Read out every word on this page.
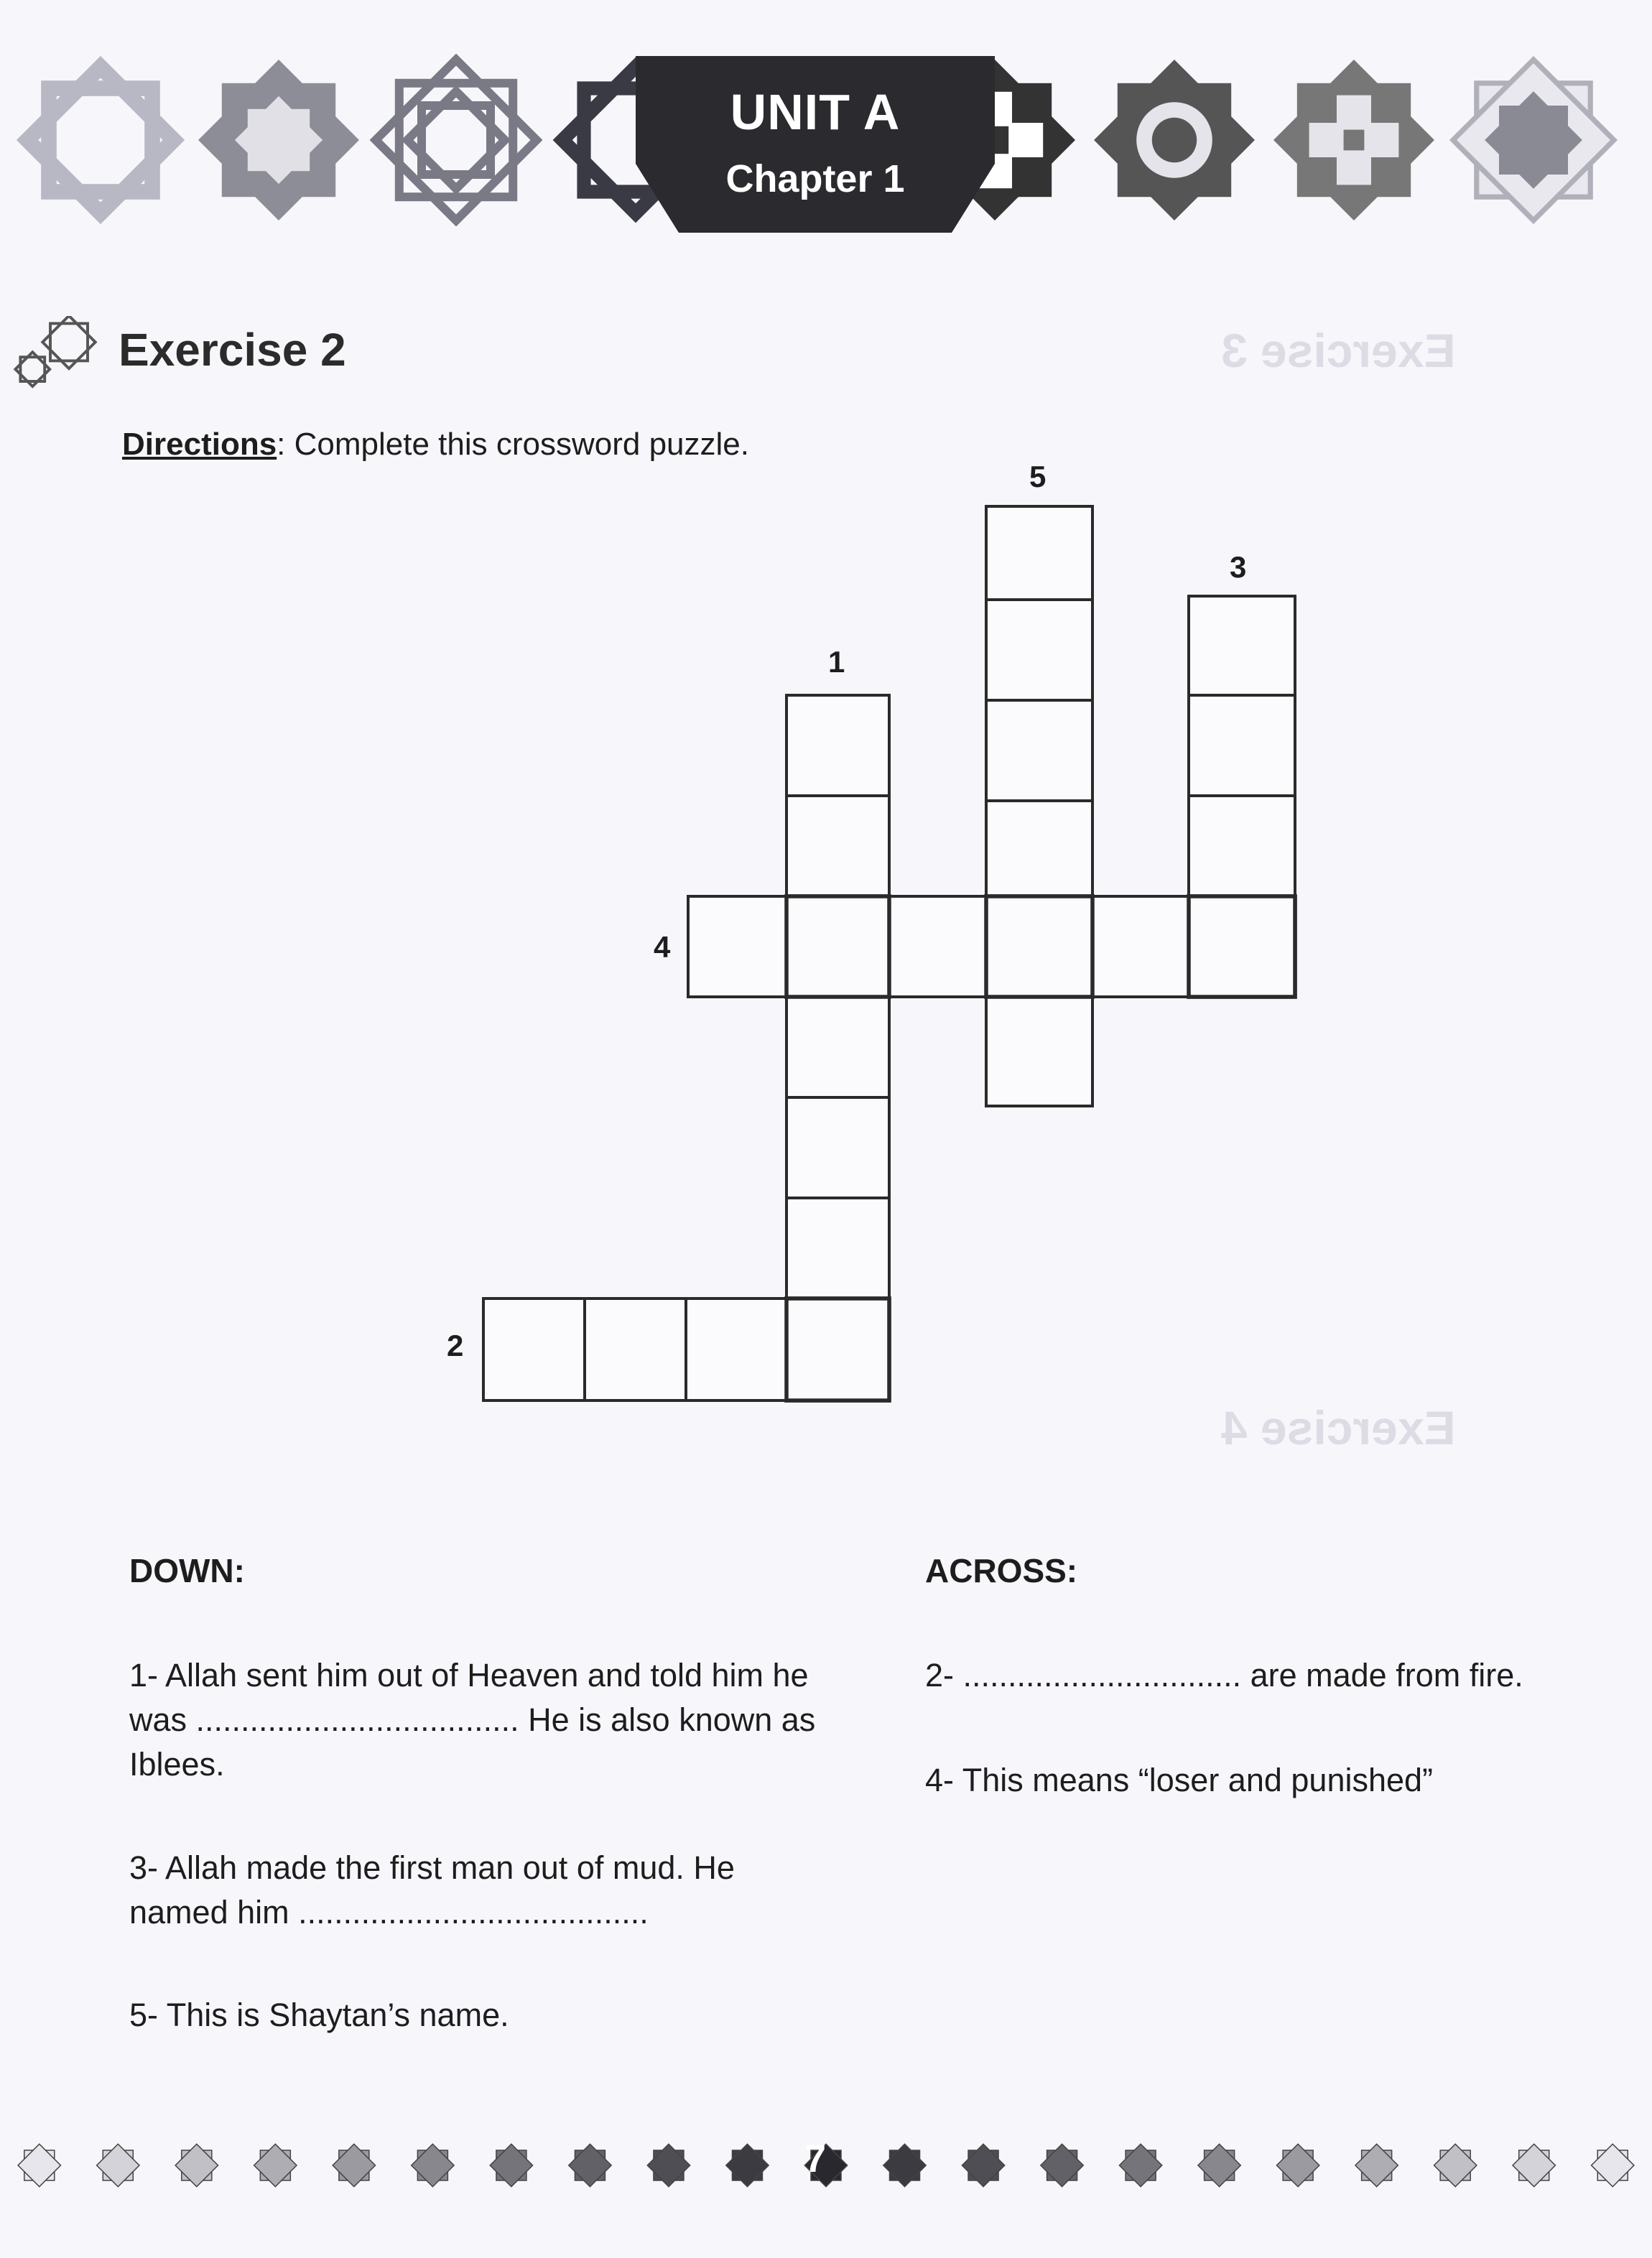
UNIT A
Chapter 1
Exercise 3
Exercise 4
Exercise 2
Directions: Complete this crossword puzzle.
1
2
3
4
5
DOWN:	ACROSS:
1- Allah sent him out of Heaven and told him he was .................................... He is also known as Iblees.
3- Allah made the first man out of mud. He named him .......................................
5- This is Shaytan’s name.
2- ............................... are made from fire.
4- This means “loser and punished”
7
